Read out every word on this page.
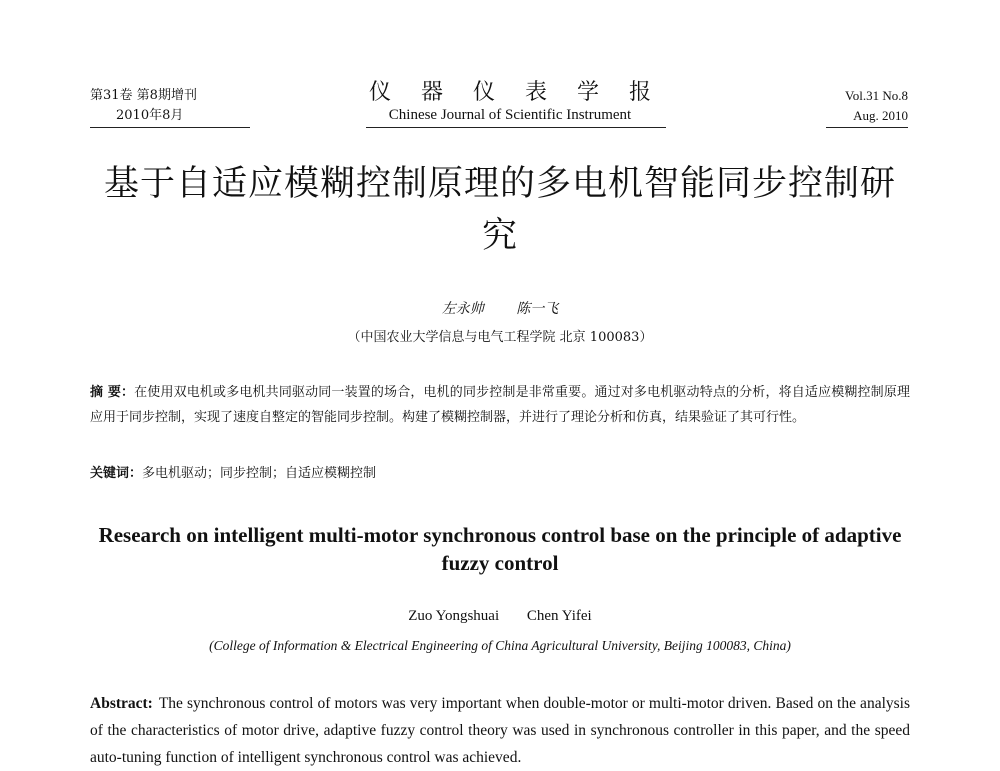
第31卷 第8期增刊
2010年8月
仪器仪表学报
Chinese Journal of Scientific Instrument
Vol.31 No.8
Aug. 2010
基于自适应模糊控制原理的多电机智能同步控制研究
左永帅 陈一飞
（中国农业大学信息与电气工程学院 北京 100083）
摘 要：在使用双电机或多电机共同驱动同一装置的场合，电机的同步控制是非常重要。通过对多电机驱动特点的分析，将自适应模糊控制原理应用于同步控制，实现了速度自整定的智能同步控制。构建了模糊控制器，并进行了理论分析和仿真，结果验证了其可行性。
关键词：多电机驱动；同步控制；自适应模糊控制
Research on intelligent multi-motor synchronous control base on the principle of adaptive fuzzy control
Zuo Yongshuai Chen Yifei
(College of Information & Electrical Engineering of China Agricultural University, Beijing 100083, China)
Abstract: The synchronous control of motors was very important when double-motor or multi-motor driven. Based on the analysis of the characteristics of motor drive, adaptive fuzzy control theory was used in synchronous controller in this paper, and the speed auto-tuning function of intelligent synchronous control was achieved.
